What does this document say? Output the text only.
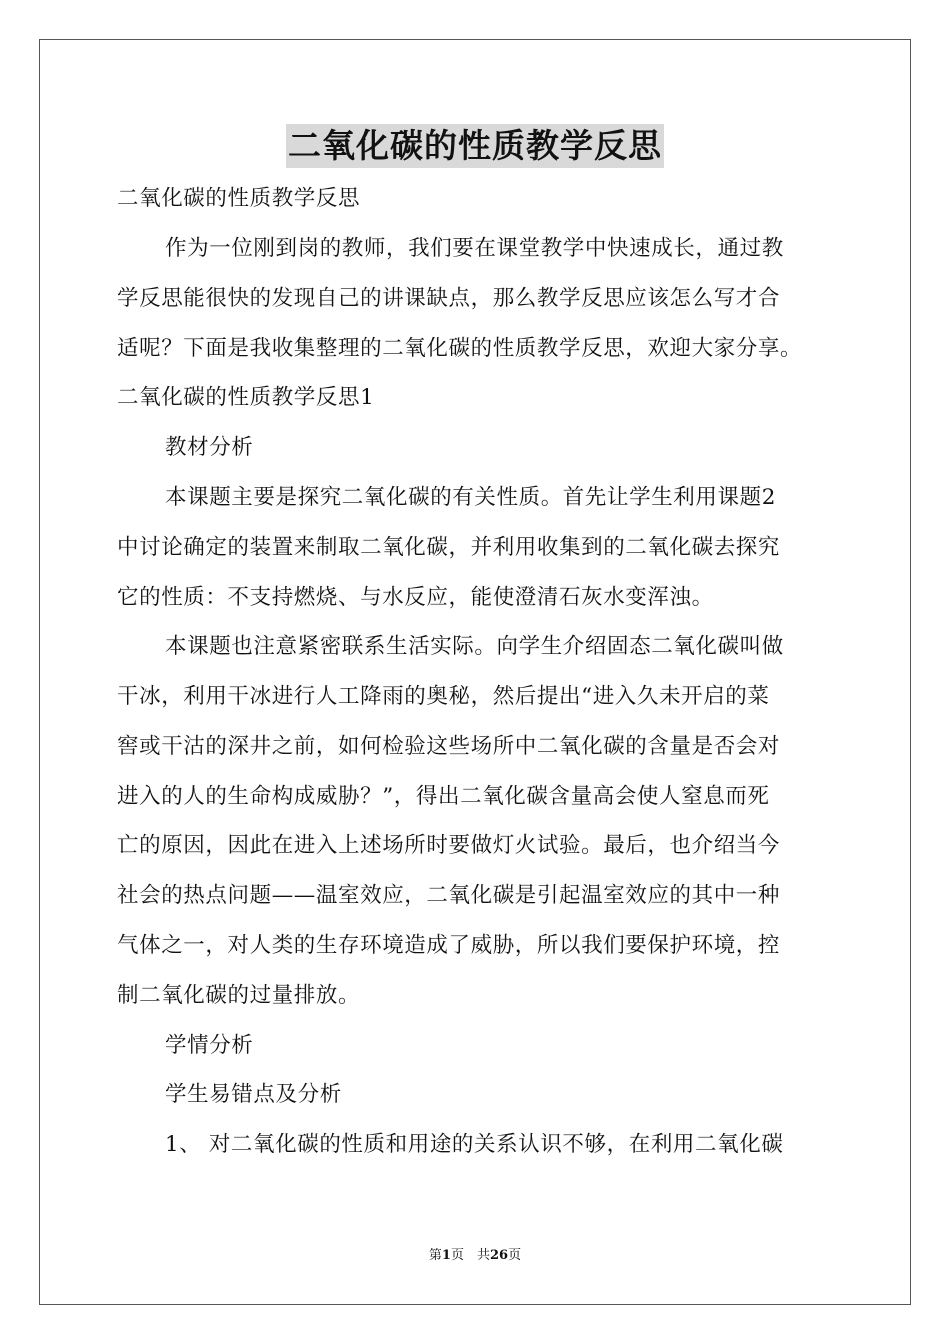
二氧化碳的性质教学反思
二氧化碳的性质教学反思
作为一位刚到岗的教师，我们要在课堂教学中快速成长，通过教
学反思能很快的发现自己的讲课缺点，那么教学反思应该怎么写才合
适呢？下面是我收集整理的二氧化碳的性质教学反思，欢迎大家分享。
二氧化碳的性质教学反思1
教材分析
本课题主要是探究二氧化碳的有关性质。首先让学生利用课题2
中讨论确定的装置来制取二氧化碳，并利用收集到的二氧化碳去探究
它的性质：不支持燃烧、与水反应，能使澄清石灰水变浑浊。
本课题也注意紧密联系生活实际。向学生介绍固态二氧化碳叫做
干冰，利用干冰进行人工降雨的奥秘，然后提出“进入久未开启的菜
窖或干沽的深井之前，如何检验这些场所中二氧化碳的含量是否会对
进入的人的生命构成威胁？”，得出二氧化碳含量高会使人窒息而死
亡的原因，因此在进入上述场所时要做灯火试验。最后，也介绍当今
社会的热点问题——温室效应，二氧化碳是引起温室效应的其中一种
气体之一，对人类的生存环境造成了威胁，所以我们要保护环境，控
制二氧化碳的过量排放。
学情分析
学生易错点及分析
1、 对二氧化碳的性质和用途的关系认识不够，在利用二氧化碳
第1页　共26页
